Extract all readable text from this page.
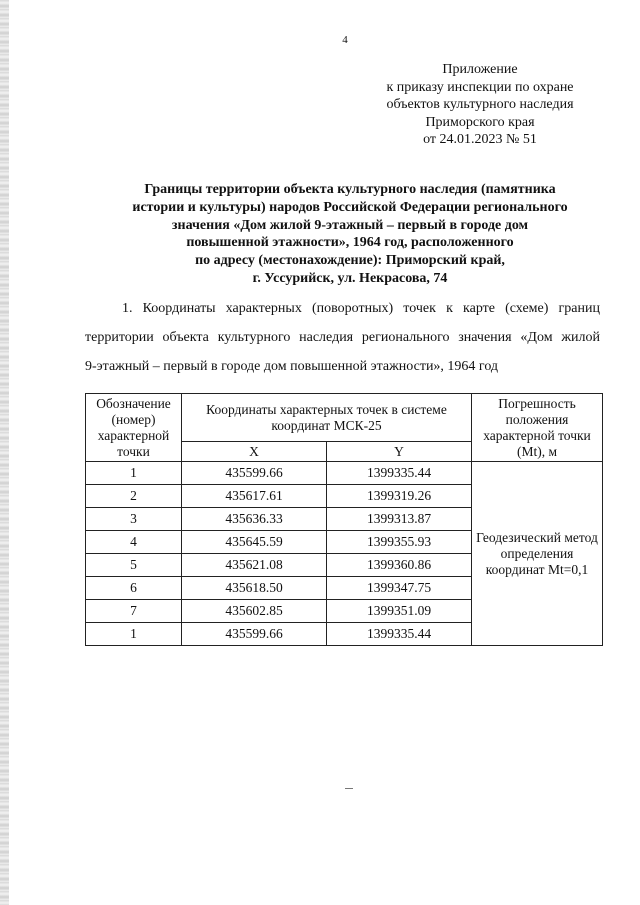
4
Приложение
к приказу инспекции по охране
объектов культурного наследия
Приморского края
от 24.01.2023 № 51
Границы территории объекта культурного наследия (памятника
истории и культуры) народов Российской Федерации регионального
значения «Дом жилой 9-этажный – первый в городе дом
повышенной этажности», 1964 год, расположенного
по адресу (местонахождение): Приморский край,
г. Уссурийск, ул. Некрасова, 74
1. Координаты характерных (поворотных) точек к карте (схеме) границ
территории объекта культурного наследия регионального значения «Дом жилой
9-этажный – первый в городе дом повышенной этажности», 1964 год
Обозначение (номер) характерной точки	Координаты характерных точек в системе координат МСК-25		Погрешность положения характерной точки (Mt), м
	X	Y	
1	435599.66	1399335.44	Геодезический метод определения координат Mt=0,1
2	435617.61	1399319.26	
3	435636.33	1399313.87	
4	435645.59	1399355.93	
5	435621.08	1399360.86	
6	435618.50	1399347.75	
7	435602.85	1399351.09	
1	435599.66	1399335.44	
